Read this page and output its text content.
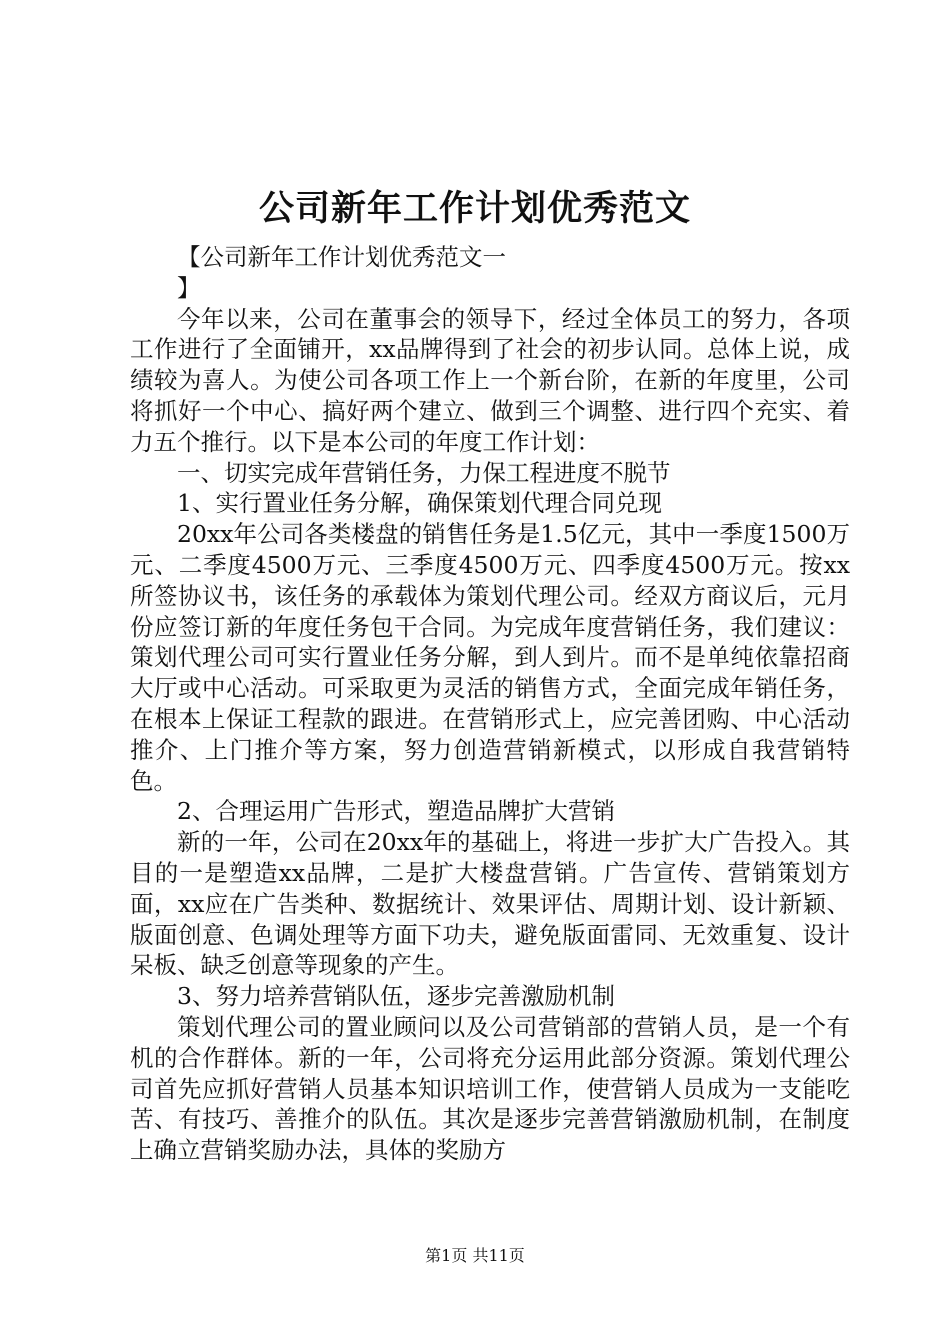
公司新年工作计划优秀范文

【公司新年工作计划优秀范文一

】

今年以来，公司在董事会的领导下，经过全体员工的努力，各项工作进行了全面铺开，xx品牌得到了社会的初步认同。总体上说，成绩较为喜人。为使公司各项工作上一个新台阶，在新的年度里，公司将抓好一个中心、搞好两个建立、做到三个调整、进行四个充实、着力五个推行。以下是本公司的年度工作计划：

一、切实完成年营销任务，力保工程进度不脱节

1、实行置业任务分解，确保策划代理合同兑现

20xx年公司各类楼盘的销售任务是1.5亿元，其中一季度1500万元、二季度4500万元、三季度4500万元、四季度4500万元。按xx所签协议书，该任务的承载体为策划代理公司。经双方商议后，元月份应签订新的年度任务包干合同。为完成年度营销任务，我们建议：策划代理公司可实行置业任务分解，到人到片。而不是单纯依靠招商大厅或中心活动。可采取更为灵活的销售方式，全面完成年销任务，在根本上保证工程款的跟进。在营销形式上，应完善团购、中心活动推介、上门推介等方案，努力创造营销新模式，以形成自我营销特色。

2、合理运用广告形式，塑造品牌扩大营销

新的一年，公司在20xx年的基础上，将进一步扩大广告投入。其目的一是塑造xx品牌，二是扩大楼盘营销。广告宣传、营销策划方面，xx应在广告类种、数据统计、效果评估、周期计划、设计新颖、版面创意、色调处理等方面下功夫，避免版面雷同、无效重复、设计呆板、缺乏创意等现象的产生。

3、努力培养营销队伍，逐步完善激励机制

策划代理公司的置业顾问以及公司营销部的营销人员，是一个有机的合作群体。新的一年，公司将充分运用此部分资源。策划代理公司首先应抓好营销人员基本知识培训工作，使营销人员成为一支能吃苦、有技巧、善推介的队伍。其次是逐步完善营销激励机制，在制度上确立营销奖励办法，具体的奖励方

第1页 共11页
